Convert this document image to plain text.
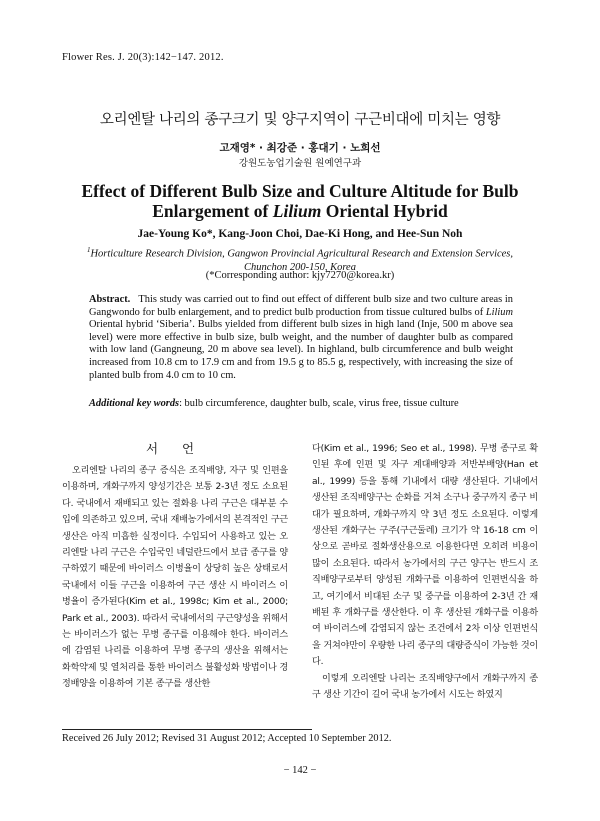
Flower Res. J. 20(3):142−147. 2012.
오리엔탈 나리의 종구크기 및 양구지역이 구근비대에 미치는 영향
고재영* · 최강준 · 홍대기 · 노희선
강원도농업기술원 원예연구과
Effect of Different Bulb Size and Culture Altitude for Bulb
Enlargement of Lilium Oriental Hybrid
Jae-Young Ko*, Kang-Joon Choi, Dae-Ki Hong, and Hee-Sun Noh
$^1$Horticulture Research Division, Gangwon Provincial Agricultural Research and Extension Services,
Chunchon 200-150, Korea
(*Corresponding author: kjy7270@korea.kr)
Abstract. This study was carried out to find out effect of different bulb size and two culture areas in Gangwondo for bulb enlargement, and to predict bulb production from tissue cultured bulbs of Lilium Oriental hybrid ‘Siberia’. Bulbs yielded from different bulb sizes in high land (Inje, 500 m above sea level) were more effective in bulb size, bulb weight, and the number of daughter bulb as compared with low land (Gangneung, 20 m above sea level). In highland, bulb circumference and bulb weight increased from 10.8 cm to 17.9 cm and from 19.5 g to 85.5 g, respectively, with increasing the size of planted bulb from 4.0 cm to 10 cm.
Additional key words: bulb circumference, daughter bulb, scale, virus free, tissue culture
서 언

오리엔탈 나리의 종구 증식은 조직배양, 자구 및 인편을 이용하며, 개화구까지 양성기간은 보통 2-3년 정도 소요된다. 국내에서 재배되고 있는 절화용 나리 구근은 대부분 수입에 의존하고 있으며, 국내 재배농가에서의 본격적인 구근생산은 아직 미흡한 실정이다. 수입되어 사용하고 있는 오리엔탈 나리 구근은 수입국인 네덜란드에서 보급 종구를 양구하였기 때문에 바이러스 이병율이 상당히 높은 상태로서 국내에서 이들 구근을 이용하여 구근 생산 시 바이러스 이병율이 증가된다(Kim et al., 1998c; Kim et al., 2000; Park et al., 2003). 따라서 국내에서의 구근양성을 위해서는 바이러스가 없는 무병 종구를 이용해야 한다. 바이러스에 감염된 나리를 이용하여 무병 종구의 생산을 위해서는 화학약제 및 열처리를 통한 바이러스 불활성화 방법이나 경정배양을 이용하여 기본 종구를 생산한

다(Kim et al., 1996; Seo et al., 1998). 무병 종구로 확인된 후에 인편 및 자구 계대배양과 저반부배양(Han et al., 1999) 등을 통해 기내에서 대량 생산된다. 기내에서 생산된 조직배양구는 순화를 거쳐 소구나 중구까지 종구 비대가 필요하며, 개화구까지 약 3년 정도 소요된다. 이렇게 생산된 개화구는 구주(구근둘레) 크기가 약 16-18 cm 이상으로 곧바로 절화생산용으로 이용한다면 오히려 비용이 많이 소요된다. 따라서 농가에서의 구근 양구는 반드시 조직배양구로부터 양성된 개화구를 이용하여 인편번식을 하고, 여기에서 비대된 소구 및 중구를 이용하여 2-3년 간 재배된 후 개화구를 생산한다. 이 후 생산된 개화구를 이용하여 바이러스에 감염되지 않는 조건에서 2차 이상 인편번식을 거쳐야만이 우량한 나리 종구의 대량증식이 가능한 것이다.

이렇게 오리엔탈 나리는 조직배양구에서 개화구까지 종구 생산 기간이 길어 국내 농가에서 시도는 하였지

Received 26 July 2012; Revised 31 August 2012; Accepted 10 September 2012.
− 142 −
